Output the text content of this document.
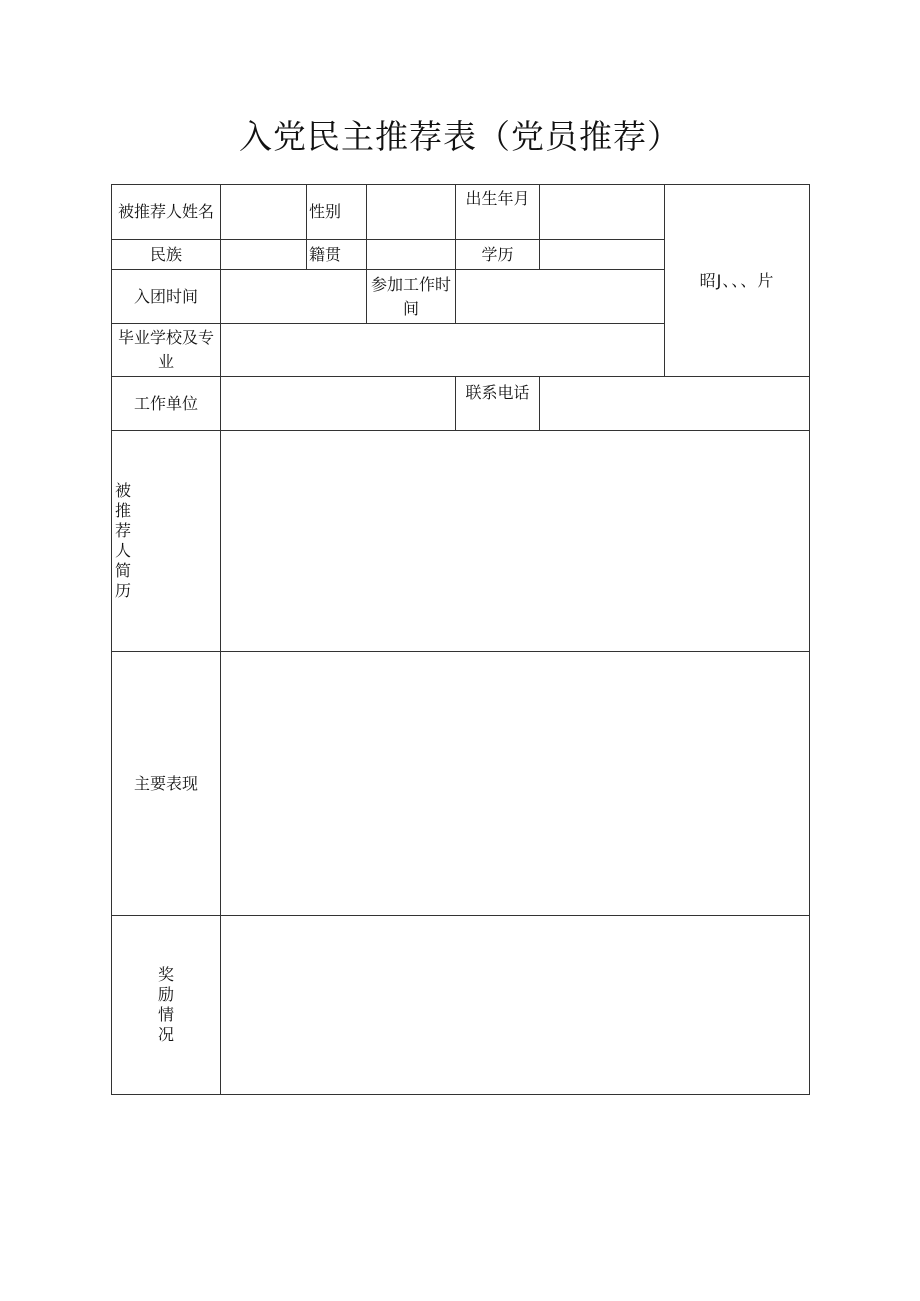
入党民主推荐表（党员推荐）
被推荐人姓名		性别		出生年月		昭J、、、片
民族		籍贯		学历		

入团时间			参加工作时间			

毕业学校及专业						

工作单位				联系电话		

被推荐人简历						

主要表现						

奖励情况						
